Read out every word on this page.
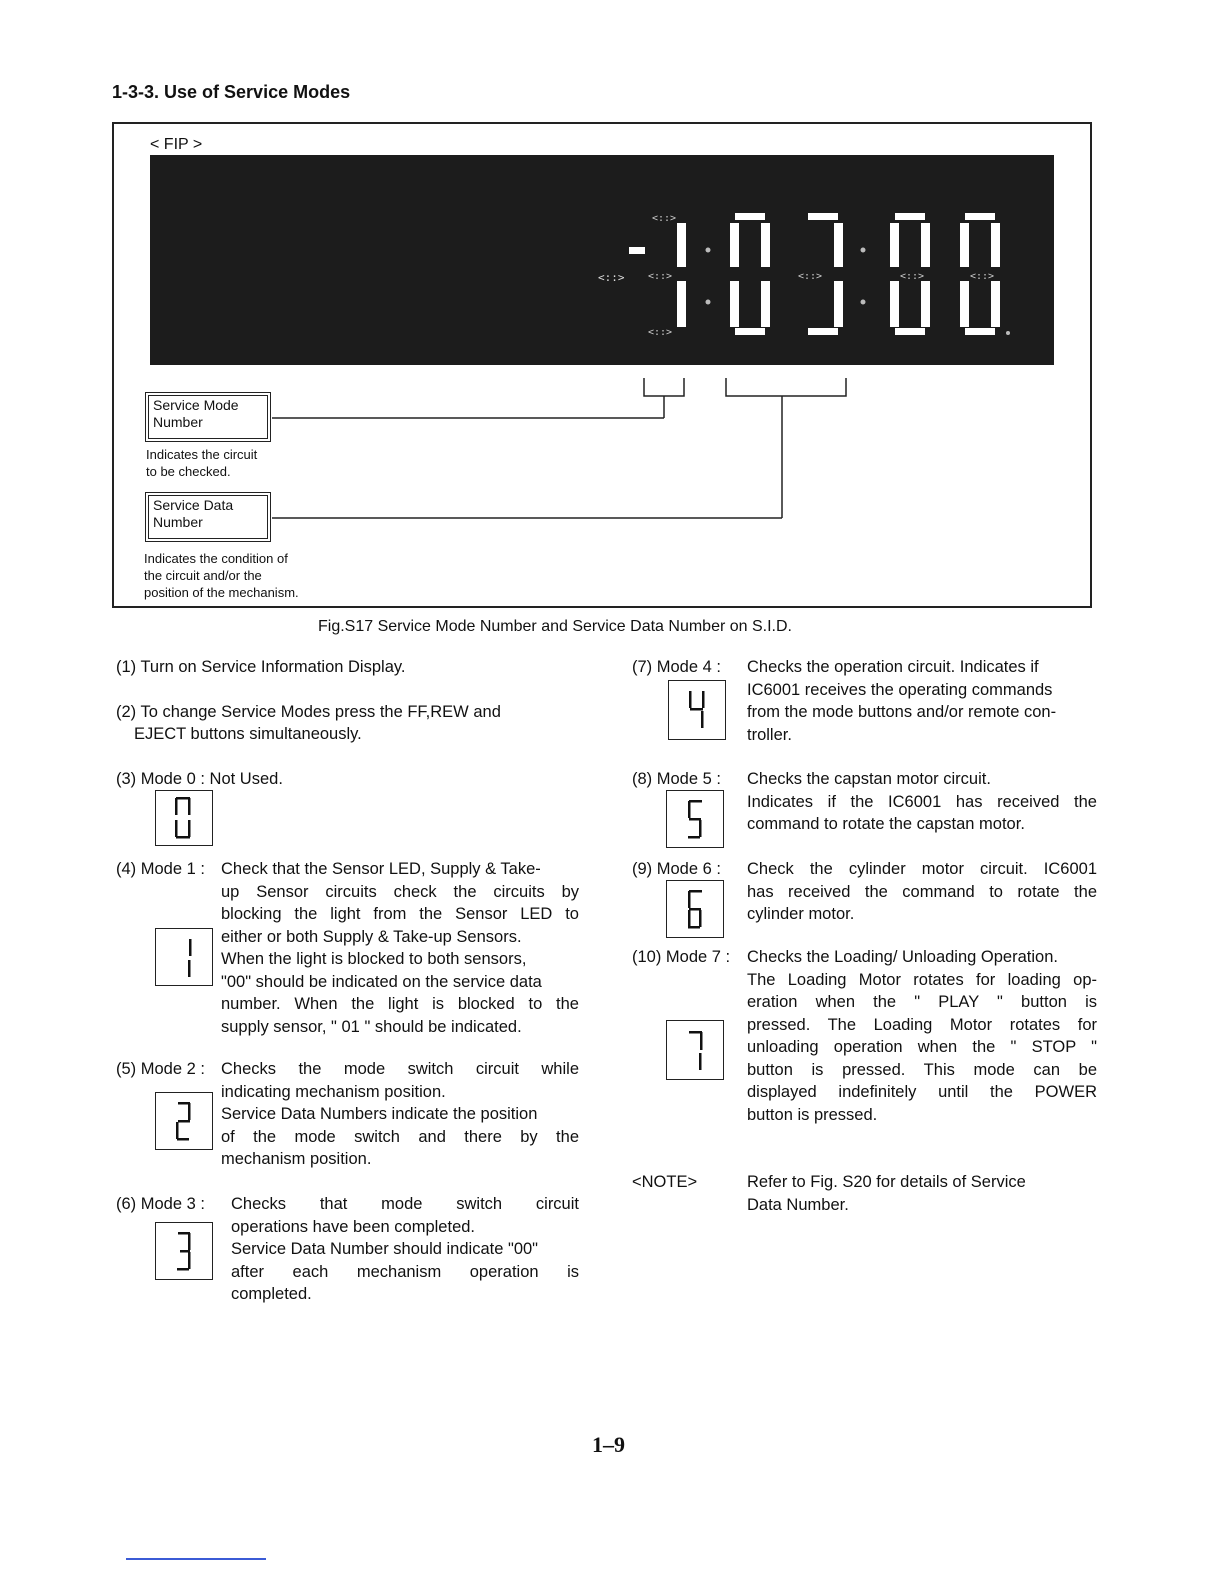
1-3-3. Use of Service Modes
< FIP >
<::>
<::>
<::>
<::>
<::>	<::>	<::>
Service Mode
Number
Indicates the circuit
to be checked.
Service Data
Number
Indicates the condition of
the circuit and/or the
position of the mechanism.
Fig.S17 Service Mode Number and Service Data Number on S.I.D.
(1) Turn on Service Information Display.
(2) To change Service Modes press the FF,REW and
EJECT buttons simultaneously.
(3) Mode 0 : Not Used.
(4) Mode 1 : Check that the Sensor LED, Supply & Take-
up Sensor circuits check the circuits by
blocking the light from the Sensor LED to
either or both Supply & Take-up Sensors.
When the light is blocked to both sensors,
"00" should be indicated on the service data
number. When the light is blocked to the
supply sensor, " 01 " should be indicated.
(5) Mode 2 : Checks the mode switch circuit while
indicating mechanism position.
Service Data Numbers indicate the position
of the mode switch and there by the
mechanism position.
(6) Mode 3 : Checks that mode switch circuit
operations have been completed.
Service Data Number should indicate "00"
after each mechanism operation is
completed.
(7) Mode 4 : Checks the operation circuit. Indicates if
IC6001 receives the operating commands
from the mode buttons and/or remote con-
troller.
(8) Mode 5 : Checks the capstan motor circuit.
Indicates if the IC6001 has received the
command to rotate the capstan motor.
(9) Mode 6 : Check the cylinder motor circuit. IC6001
has received the command to rotate the
cylinder motor.
(10) Mode 7 : Checks the Loading/ Unloading Operation.
The Loading Motor rotates for loading op-
eration when the " PLAY " button is
pressed. The Loading Motor rotates for
unloading operation when the " STOP "
button is pressed. This mode can be
displayed indefinitely until the POWER
button is pressed.
<NOTE>	Refer to Fig. S20 for details of Service
Data Number.
1–9
